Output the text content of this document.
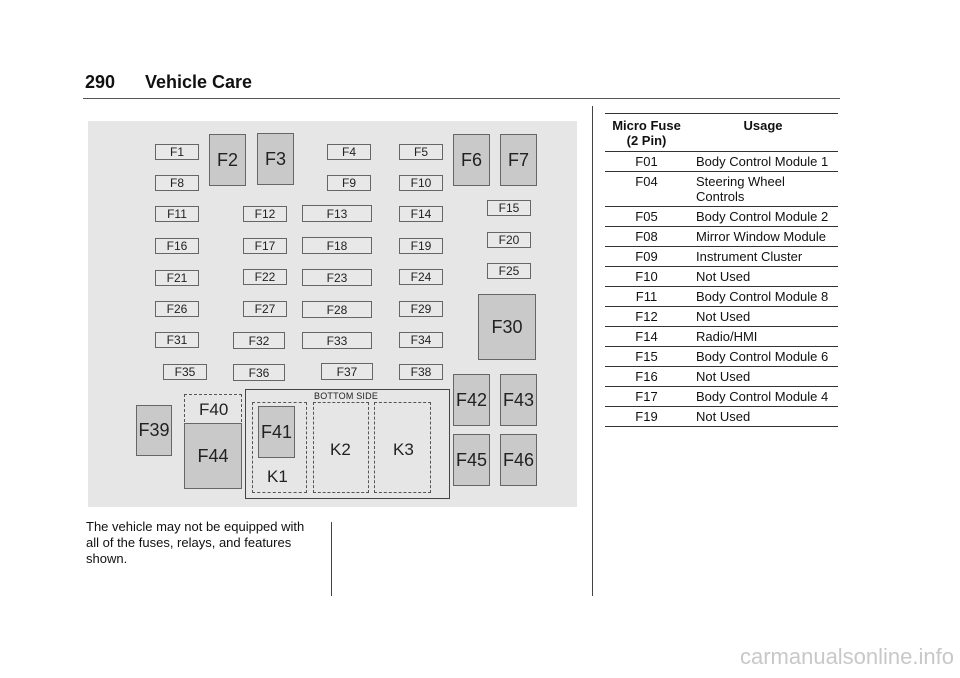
290 Vehicle Care
F1	F2	F3	F4	F5	F6	F7
F8	F9	F10
F11	F12	F13	F14	F15
F16	F17	F18	F19	F20
F21	F22	F23	F24	F25
F26	F27	F28	F29
F30
F31	F32	F33	F34
F35	F36	F37	F38
F39
F42 F43
F44	F45 F46
F40
BOTTOM SIDE
K1
F41
K2 K3
The vehicle may not be equipped with all of the fuses, relays, and features shown.
Micro Fuse (2 Pin)	Usage
F01	Body Control Module 1
F04	Steering Wheel Controls
F05	Body Control Module 2
F08	Mirror Window Module
F09	Instrument Cluster
F10	Not Used
F11	Body Control Module 8
F12	Not Used
F14	Radio/HMI
F15	Body Control Module 6
F16	Not Used
F17	Body Control Module 4
F19	Not Used
carmanualsonline.info
